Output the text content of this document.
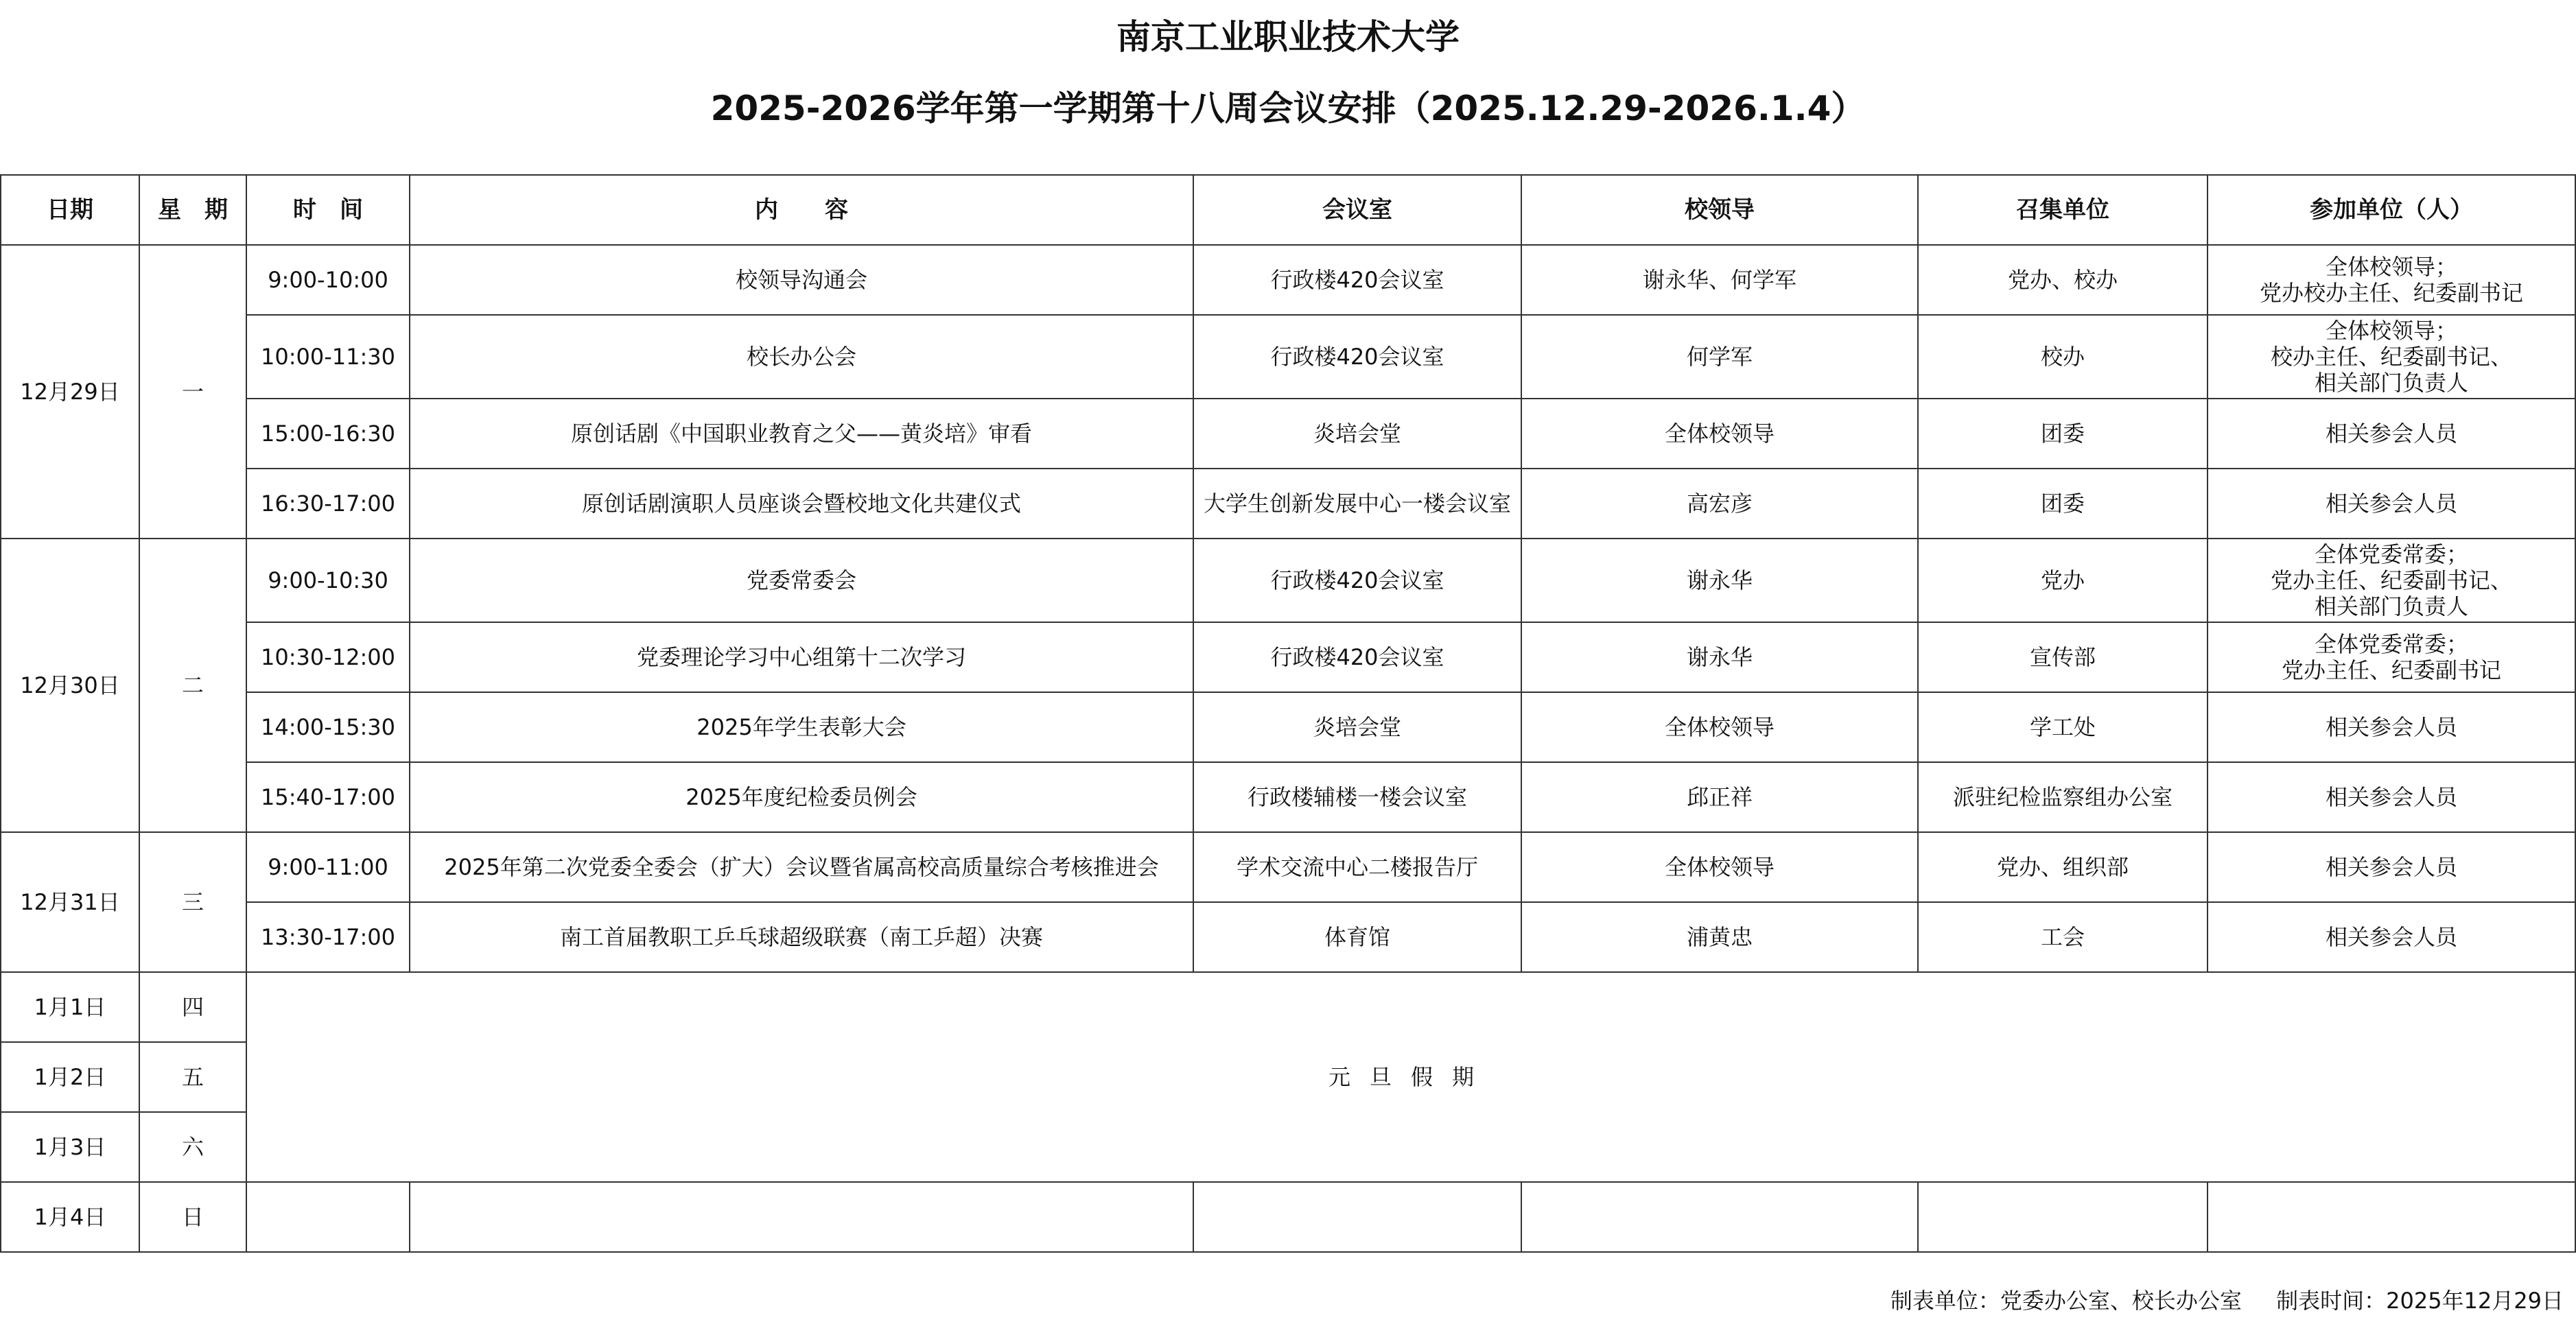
南京工业职业技术大学
2025-2026学年第一学期第十八周会议安排（2025.12.29-2026.1.4）
日期	星　期	时　间	内　　容	会议室	校领导	召集单位	参加单位（人）
12月29日	一	9:00-10:00	校领导沟通会	行政楼420会议室	谢永华、何学军	党办、校办	全体校领导；
党办校办主任、纪委副书记

		10:00-11:30	校长办公会	行政楼420会议室	何学军	校办	全体校领导；
校办主任、纪委副书记、
相关部门负责人

		15:00-16:30	原创话剧《中国职业教育之父——黄炎培》审看	炎培会堂	全体校领导	团委	相关参会人员
		16:30-17:00	原创话剧演职人员座谈会暨校地文化共建仪式	大学生创新发展中心一楼会议室	高宏彦	团委	相关参会人员
12月30日	二	9:00-10:30	党委常委会	行政楼420会议室	谢永华	党办	全体党委常委；
党办主任、纪委副书记、
相关部门负责人

		10:30-12:00	党委理论学习中心组第十二次学习	行政楼420会议室	谢永华	宣传部	全体党委常委；
党办主任、纪委副书记

		14:00-15:30	2025年学生表彰大会	炎培会堂	全体校领导	学工处	相关参会人员
		15:40-17:00	2025年度纪检委员例会	行政楼辅楼一楼会议室	邱正祥	派驻纪检监察组办公室	相关参会人员
12月31日	三	9:00-11:00	2025年第二次党委全委会（扩大）会议暨省属高校高质量综合考核推进会	学术交流中心二楼报告厅	全体校领导	党办、组织部	相关参会人员
		13:30-17:00	南工首届教职工乒乓球超级联赛（南工乒超）决赛	体育馆	浦黄忠	工会	相关参会人员
1月1日	四	元旦假期					
1月2日	五						
1月3日	六						
1月4日	日						
制表单位：党委办公室、校长办公室 制表时间：2025年12月29日
